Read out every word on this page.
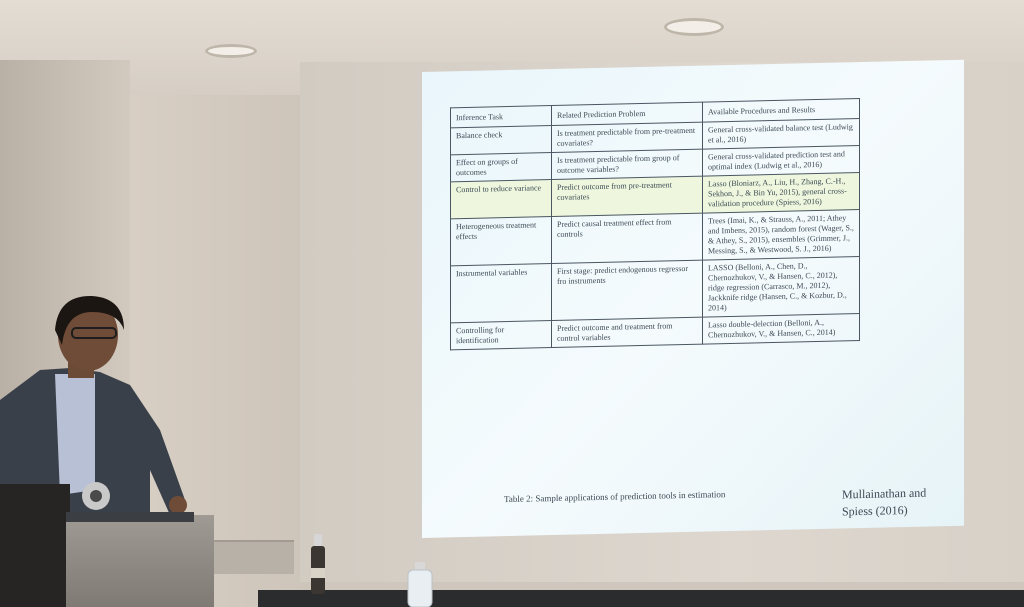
Inference Task	Related Prediction Problem	Available Procedures and Results
Balance check	Is treatment predictable from pre-treatment covariates?	General cross-validated balance test (Ludwig et al., 2016)
Effect on groups of outcomes	Is treatment predictable from group of outcome variables?	General cross-validated prediction test and optimal index (Ludwig et al., 2016)
Control to reduce variance	Predict outcome from pre-treatment covariates	Lasso (Bloniarz, A., Liu, H., Zhang, C.-H., Sekhon, J., & Bin Yu, 2015), general cross-validation procedure (Spiess, 2016)
Heterogeneous treatment effects	Predict causal treatment effect from controls	Trees (Imai, K., & Strauss, A., 2011; Athey and Imbens, 2015), random forest (Wager, S., & Athey, S., 2015), ensembles (Grimmer, J., Messing, S., & Westwood, S. J., 2016)
Instrumental variables	First stage: predict endogenous regressor fro instruments	LASSO (Belloni, A., Chen, D., Chernozhukov, V., & Hansen, C., 2012), ridge regression (Carrasco, M., 2012), Jackknife ridge (Hansen, C., & Kozbur, D., 2014)
Controlling for identification	Predict outcome and treatment from control variables	Lasso double-delection (Belloni, A., Chernozhukov, V., & Hansen, C., 2014)
Table 2: Sample applications of prediction tools in estimation	Mullainathan and
Spiess (2016)
